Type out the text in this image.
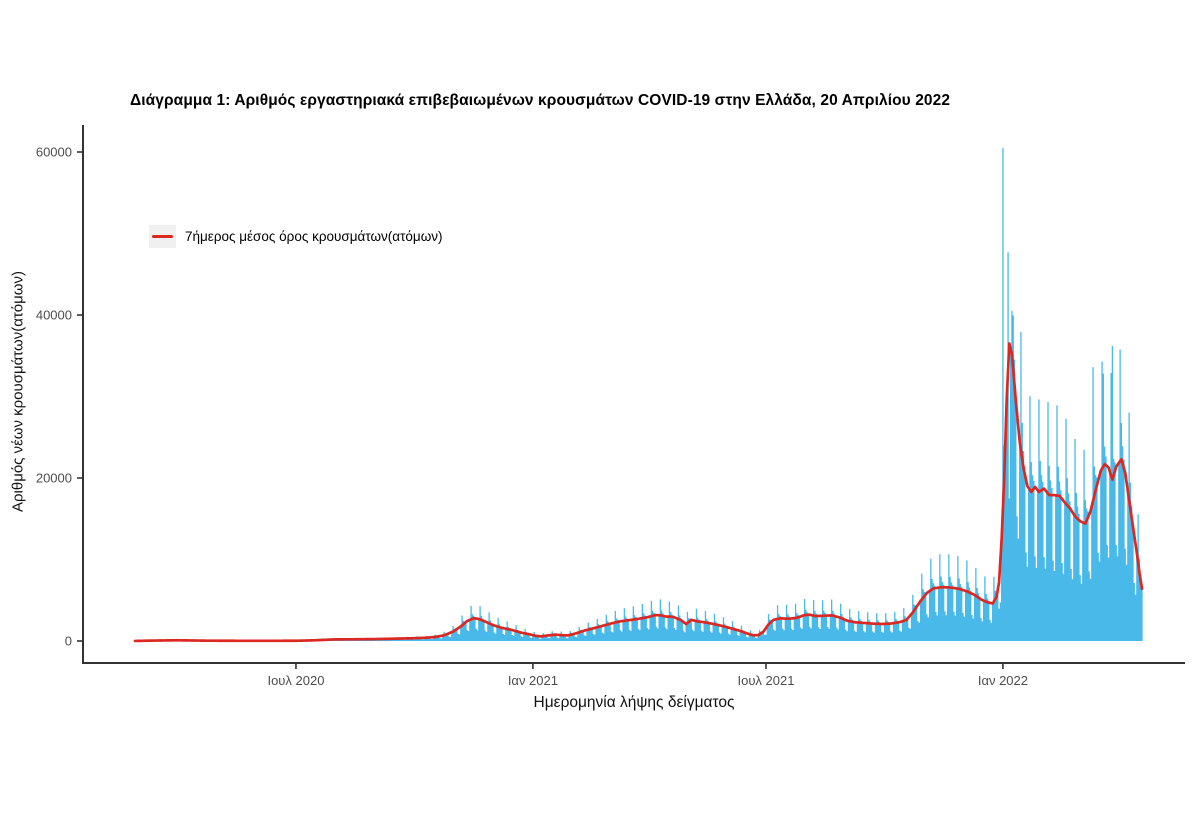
Διάγραμμα 1: Αριθμός εργαστηριακά επιβεβαιωμένων κρουσμάτων COVID-19 στην Ελλάδα, 20 Απριλίου 2022
0
20000
40000
60000
Ιουλ 2020	Ιαν 2021	Ιουλ 2021	Ιαν 2022
7ήμερος μέσος όρος κρουσμάτων(ατόμων)
Αριθμός νέων κρουσμάτων(ατόμων)
Ημερομηνία λήψης δείγματος
